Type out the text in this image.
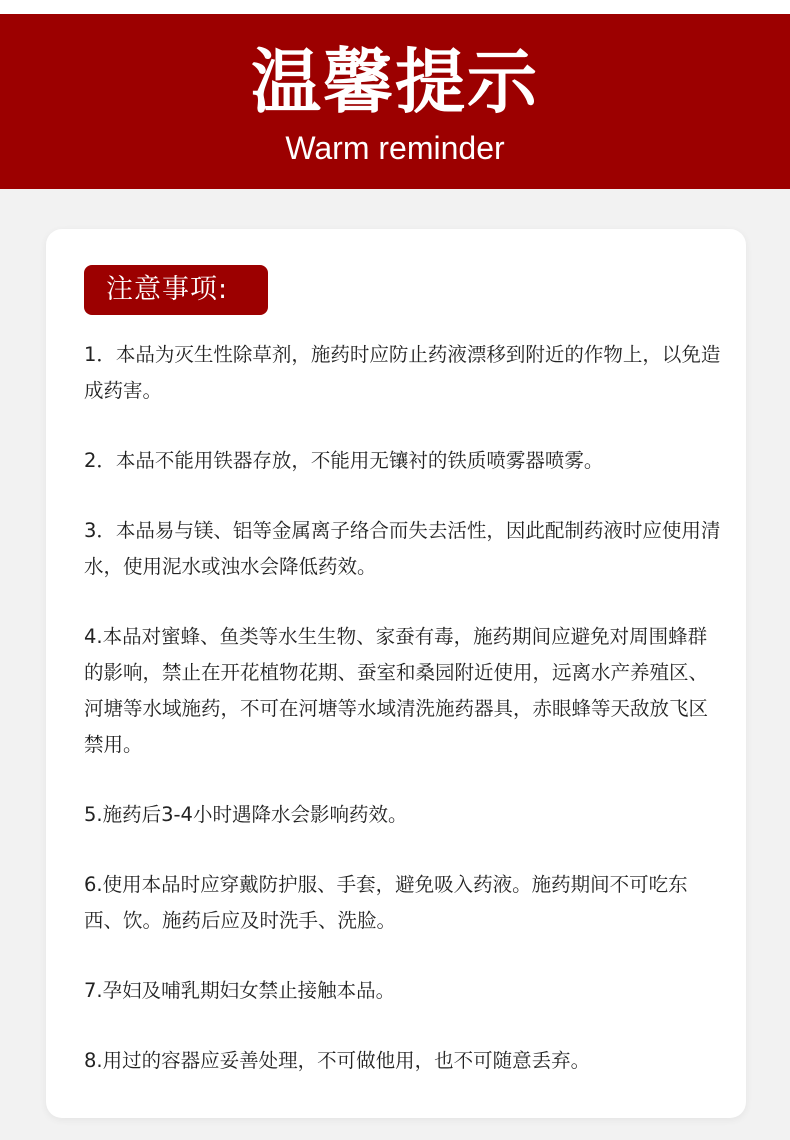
温馨提示
Warm reminder
注意事项:
1．本品为灭生性除草剂，施药时应防止药液漂移到附近的作物上，以免造成药害。
2．本品不能用铁器存放，不能用无镶衬的铁质喷雾器喷雾。
3．本品易与镁、铝等金属离子络合而失去活性，因此配制药液时应使用清水，使用泥水或浊水会降低药效。
4.本品对蜜蜂、鱼类等水生生物、家蚕有毒，施药期间应避免对周围蜂群的影响，禁止在开花植物花期、蚕室和桑园附近使用，远离水产养殖区、河塘等水域施药，不可在河塘等水域清洗施药器具，赤眼蜂等天敌放飞区禁用。
5.施药后3-4小时遇降水会影响药效。
6.使用本品时应穿戴防护服、手套，避免吸入药液。施药期间不可吃东西、饮。施药后应及时洗手、洗脸。
7.孕妇及哺乳期妇女禁止接触本品。
8.用过的容器应妥善处理，不可做他用，也不可随意丢弃。
